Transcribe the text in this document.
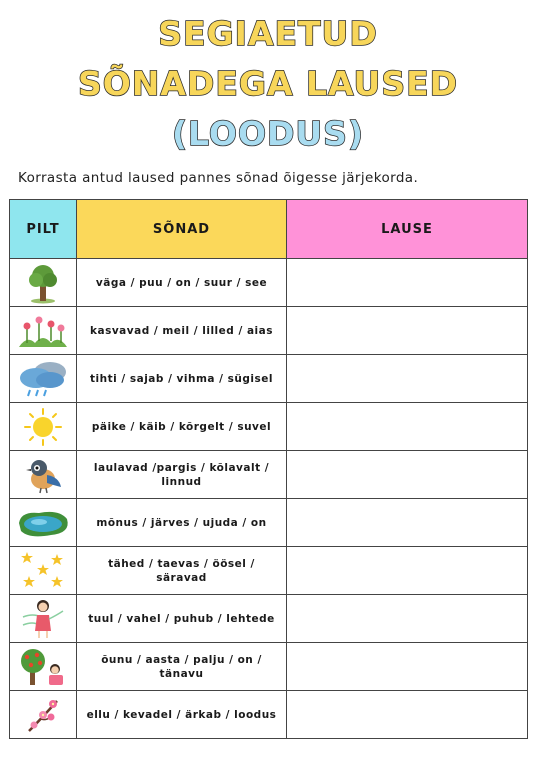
SEGIAETUD
SÕNADEGA LAUSED
(LOODUS)
Korrasta antud laused pannes sõnad õigesse järjekorda.
PILT	SÕNAD	LAUSE

	väga / puu / on / suur / see	

	kasvavad / meil / lilled / aias	

	tihti / sajab / vihma / sügisel	

	päike / käib / kõrgelt / suvel	

	laulavad /pargis / kõlavalt / linnud	

	mõnus / järves / ujuda / on	

	tähed / taevas / öösel / säravad	

	tuul / vahel / puhub / lehtede	

	õunu / aasta / palju / on / tänavu	

	ellu / kevadel / ärkab / loodus	
